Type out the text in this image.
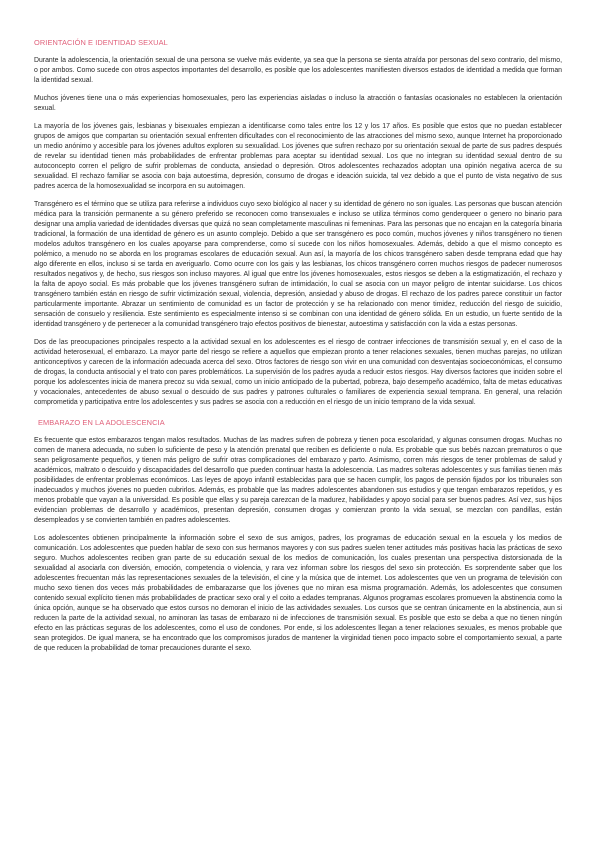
ORIENTACIÓN E IDENTIDAD SEXUAL

Durante la adolescencia, la orientación sexual de una persona se vuelve más evidente, ya sea que la persona se sienta atraída por personas del sexo contrario, del mismo, o por ambos. Como sucede con otros aspectos importantes del desarrollo, es posible que los adolescentes manifiesten diversos estados de identidad a medida que forman la identidad sexual.

Muchos jóvenes tiene una o más experiencias homosexuales, pero las experiencias aisladas o incluso la atracción o fantasías ocasionales no establecen la orientación sexual.

La mayoría de los jóvenes gais, lesbianas y bisexuales empiezan a identificarse como tales entre los 12 y los 17 años. Es posible que estos que no puedan establecer grupos de amigos que compartan su orientación sexual enfrenten dificultades con el reconocimiento de las atracciones del mismo sexo, aunque Internet ha proporcionado un medio anónimo y accesible para los jóvenes adultos exploren su sexualidad. Los jóvenes que sufren rechazo por su orientación sexual de parte de sus padres después de revelar su identidad tienen más probabilidades de enfrentar problemas para aceptar su identidad sexual. Los que no integran su identidad sexual dentro de su autoconcepto corren el peligro de sufrir problemas de conducta, ansiedad o depresión. Otros adolescentes rechazados adoptan una opinión negativa acerca de su sexualidad. El rechazo familiar se asocia con baja autoestima, depresión, consumo de drogas e ideación suicida, tal vez debido a que el punto de vista negativo de sus padres acerca de la homosexualidad se incorpora en su autoimagen.

Transgénero es el término que se utiliza para referirse a individuos cuyo sexo biológico al nacer y su identidad de género no son iguales. Las personas que buscan atención médica para la transición permanente a su género preferido se reconocen como transexuales e incluso se utiliza términos como genderqueer o genero no binario para designar una amplia variedad de identidades diversas que quizá no sean completamente masculinas ni femeninas. Para las personas que no encajan en la categoría binaria tradicional, la formación de una identidad de género es un asunto complejo. Debido a que ser transgénero es poco común, muchos jóvenes y niños transgénero no tienen modelos adultos transgénero en los cuales apoyarse para comprenderse, como sí sucede con los niños homosexuales. Además, debido a que el mismo concepto es polémico, a menudo no se aborda en los programas escolares de educación sexual. Aun así, la mayoría de los chicos transgénero saben desde temprana edad que hay algo diferente en ellos, incluso si se tarda en averiguarlo. Como ocurre con los gais y las lesbianas, los chicos transgénero corren muchos riesgos de padecer numerosos resultados negativos y, de hecho, sus riesgos son incluso mayores. Al igual que entre los jóvenes homosexuales, estos riesgos se deben a la estigmatización, el rechazo y la falta de apoyo social. Es más probable que los jóvenes transgénero sufran de intimidación, lo cual se asocia con un mayor peligro de intentar suicidarse. Los chicos transgénero también están en riesgo de sufrir victimización sexual, violencia, depresión, ansiedad y abuso de drogas. El rechazo de los padres parece constituir un factor particularmente importante. Abrazar un sentimiento de comunidad es un factor de protección y se ha relacionado con menor timidez, reducción del riesgo de suicidio, sensación de consuelo y resiliencia. Este sentimiento es especialmente intenso si se combinan con una identidad de género sólida. En un estudio, un fuerte sentido de la identidad transgénero y de pertenecer a la comunidad transgénero trajo efectos positivos de bienestar, autoestima y satisfacción con la vida a estas personas.

Dos de las preocupaciones principales respecto a la actividad sexual en los adolescentes es el riesgo de contraer infecciones de transmisión sexual y, en el caso de la actividad heterosexual, el embarazo. La mayor parte del riesgo se refiere a aquellos que empiezan pronto a tener relaciones sexuales, tienen muchas parejas, no utilizan anticonceptivos y carecen de la información adecuada acerca del sexo. Otros factores de riesgo son vivir en una comunidad con desventajas socioeconómicas, el consumo de drogas, la conducta antisocial y el trato con pares problemáticos. La supervisión de los padres ayuda a reducir estos riesgos. Hay diversos factores que inciden sobre el porque los adolescentes inicia de manera precoz su vida sexual, como un inicio anticipado de la pubertad, pobreza, bajo desempeño académico, falta de metas educativas y vocacionales, antecedentes de abuso sexual o descuido de sus padres y patrones culturales o familiares de experiencia sexual temprana. En general, una relación comprometida y participativa entre los adolescentes y sus padres se asocia con a reducción en el riesgo de un inicio temprano de la vida sexual.

EMBARAZO EN LA ADOLESCENCIA

Es frecuente que estos embarazos tengan malos resultados. Muchas de las madres sufren de pobreza y tienen poca escolaridad, y algunas consumen drogas. Muchas no comen de manera adecuada, no suben lo suficiente de peso y la atención prenatal que reciben es deficiente o nula. Es probable que sus bebés nazcan prematuros o que sean peligrosamente pequeños, y tienen más peligro de sufrir otras complicaciones del embarazo y parto. Asimismo, corren más riesgos de tener problemas de salud y académicos, maltrato o descuido y discapacidades del desarrollo que pueden continuar hasta la adolescencia. Las madres solteras adolescentes y sus familias tienen más posibilidades de enfrentar problemas económicos. Las leyes de apoyo infantil establecidas para que se hacen cumplir, los pagos de pensión fijados por los tribunales son inadecuados y muchos jóvenes no pueden cubrirlos. Además, es probable que las madres adolescentes abandonen sus estudios y que tengan embarazos repetidos, y es menos probable que vayan a la universidad. Es posible que ellas y su pareja carezcan de la madurez, habilidades y apoyo social para ser buenos padres. Así vez, sus hijos evidencian problemas de desarrollo y académicos, presentan depresión, consumen drogas y comienzan pronto la vida sexual, se mezclan con pandillas, están desempleados y se convierten también en padres adolescentes.

Los adolescentes obtienen principalmente la información sobre el sexo de sus amigos, padres, los programas de educación sexual en la escuela y los medios de comunicación. Los adolescentes que pueden hablar de sexo con sus hermanos mayores y con sus padres suelen tener actitudes más positivas hacia las prácticas de sexo seguro. Muchos adolescentes reciben gran parte de su educación sexual de los medios de comunicación, los cuales presentan una perspectiva distorsionada de la sexualidad al asociarla con diversión, emoción, competencia o violencia, y rara vez informan sobre los riesgos del sexo sin protección. Es sorprendente saber que los adolescentes frecuentan más las representaciones sexuales de la televisión, el cine y la música que de internet. Los adolescentes que ven un programa de televisión con mucho sexo tienen dos veces más probabilidades de embarazarse que los jóvenes que no miran esa misma programación. Además, los adolescentes que consumen contenido sexual explícito tienen más probabilidades de practicar sexo oral y el coito a edades tempranas. Algunos programas escolares promueven la abstinencia como la única opción, aunque se ha observado que estos cursos no demoran el inicio de las actividades sexuales. Los cursos que se centran únicamente en la abstinencia, aun si reducen la parte de la actividad sexual, no aminoran las tasas de embarazo ni de infecciones de transmisión sexual. Es posible que esto se deba a que no tienen ningún efecto en las prácticas seguras de los adolescentes, como el uso de condones. Por ende, si los adolescentes llegan a tener relaciones sexuales, es menos probable que sean protegidos. De igual manera, se ha encontrado que los compromisos jurados de mantener la virginidad tienen poco impacto sobre el comportamiento sexual, a parte de que reducen la probabilidad de tomar precauciones durante el sexo.
